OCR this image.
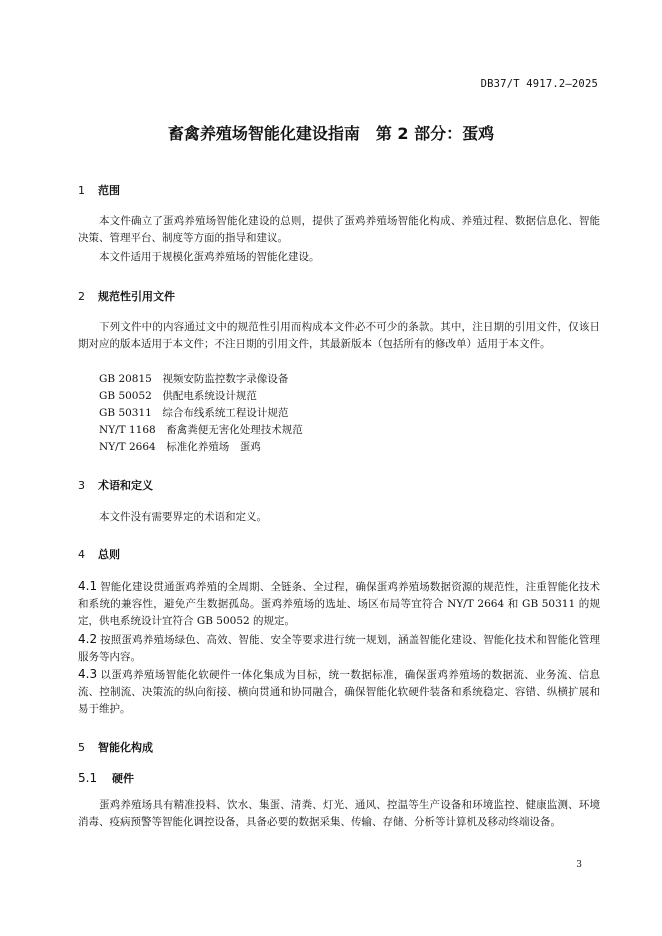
DB37/T 4917.2—2025
畜禽养殖场智能化建设指南 第 2 部分：蛋鸡
1 范围
本文件确立了蛋鸡养殖场智能化建设的总则，提供了蛋鸡养殖场智能化构成、养殖过程、数据信息化、智能决策、管理平台、制度等方面的指导和建议。
本文件适用于规模化蛋鸡养殖场的智能化建设。
2 规范性引用文件
下列文件中的内容通过文中的规范性引用而构成本文件必不可少的条款。其中，注日期的引用文件，仅该日期对应的版本适用于本文件；不注日期的引用文件，其最新版本（包括所有的修改单）适用于本文件。
GB 20815　视频安防监控数字录像设备
GB 50052　供配电系统设计规范
GB 50311　综合布线系统工程设计规范
NY/T 1168　畜禽粪便无害化处理技术规范
NY/T 2664　标准化养殖场　蛋鸡
3 术语和定义
本文件没有需要界定的术语和定义。
4 总则
4.1 智能化建设贯通蛋鸡养殖的全周期、全链条、全过程，确保蛋鸡养殖场数据资源的规范性，注重智能化技术和系统的兼容性，避免产生数据孤岛。蛋鸡养殖场的选址、场区布局等宜符合 NY/T 2664 和 GB 50311 的规定，供电系统设计宜符合 GB 50052 的规定。
4.2 按照蛋鸡养殖场绿色、高效、智能、安全等要求进行统一规划，涵盖智能化建设、智能化技术和智能化管理服务等内容。
4.3 以蛋鸡养殖场智能化软硬件一体化集成为目标，统一数据标准，确保蛋鸡养殖场的数据流、业务流、信息流、控制流、决策流的纵向衔接、横向贯通和协同融合，确保智能化软硬件装备和系统稳定、容错、纵横扩展和易于维护。
5 智能化构成
5.1 硬件
蛋鸡养殖场具有精准投料、饮水、集蛋、清粪、灯光、通风、控温等生产设备和环境监控、健康监测、环境消毒、疫病预警等智能化调控设备，具备必要的数据采集、传输、存储、分析等计算机及移动终端设备。
3
